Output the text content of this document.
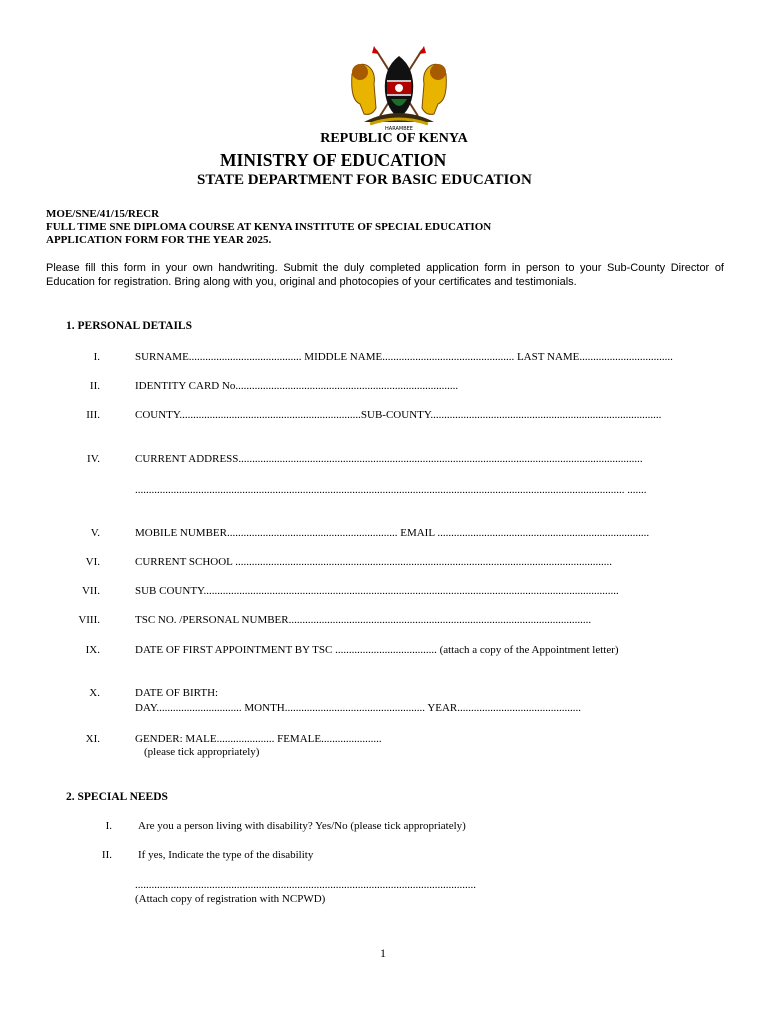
HARAMBEE
REPUBLIC OF KENYA
MINISTRY OF EDUCATION
STATE DEPARTMENT FOR BASIC EDUCATION
MOE/SNE/41/15/RECR
FULL TIME SNE DIPLOMA COURSE AT KENYA INSTITUTE OF SPECIAL EDUCATION
APPLICATION FORM FOR THE YEAR 2025.
Please fill this form in your own handwriting. Submit the duly completed application form in person to your Sub-County Director of Education for registration. Bring along with you, original and photocopies of your certificates and testimonials.
1. PERSONAL DETAILS
I.	SURNAME......................................... MIDDLE NAME................................................ LAST NAME..................................
II.	IDENTITY CARD No.................................................................................
III.	COUNTY..................................................................SUB-COUNTY....................................................................................
IV.	CURRENT ADDRESS...................................................................................................................................................
.................................................................................................................................................................................. .......
V.	MOBILE NUMBER.............................................................. EMAIL .............................................................................
VI.	CURRENT SCHOOL .........................................................................................................................................
VII.	SUB COUNTY.......................................................................................................................................................
VIII.	TSC NO. /PERSONAL NUMBER..............................................................................................................
IX.	DATE OF FIRST APPOINTMENT BY TSC ..................................... (attach a copy of the Appointment letter)
X.	DATE OF BIRTH:
DAY............................... MONTH................................................... YEAR.............................................
XI.	GENDER: MALE..................... FEMALE......................
(please tick appropriately)
2. SPECIAL NEEDS
I. Are you a person living with disability? Yes/No (please tick appropriately)
II. If yes, Indicate the type of the disability
............................................................................................................................
(Attach copy of registration with NCPWD)
1
